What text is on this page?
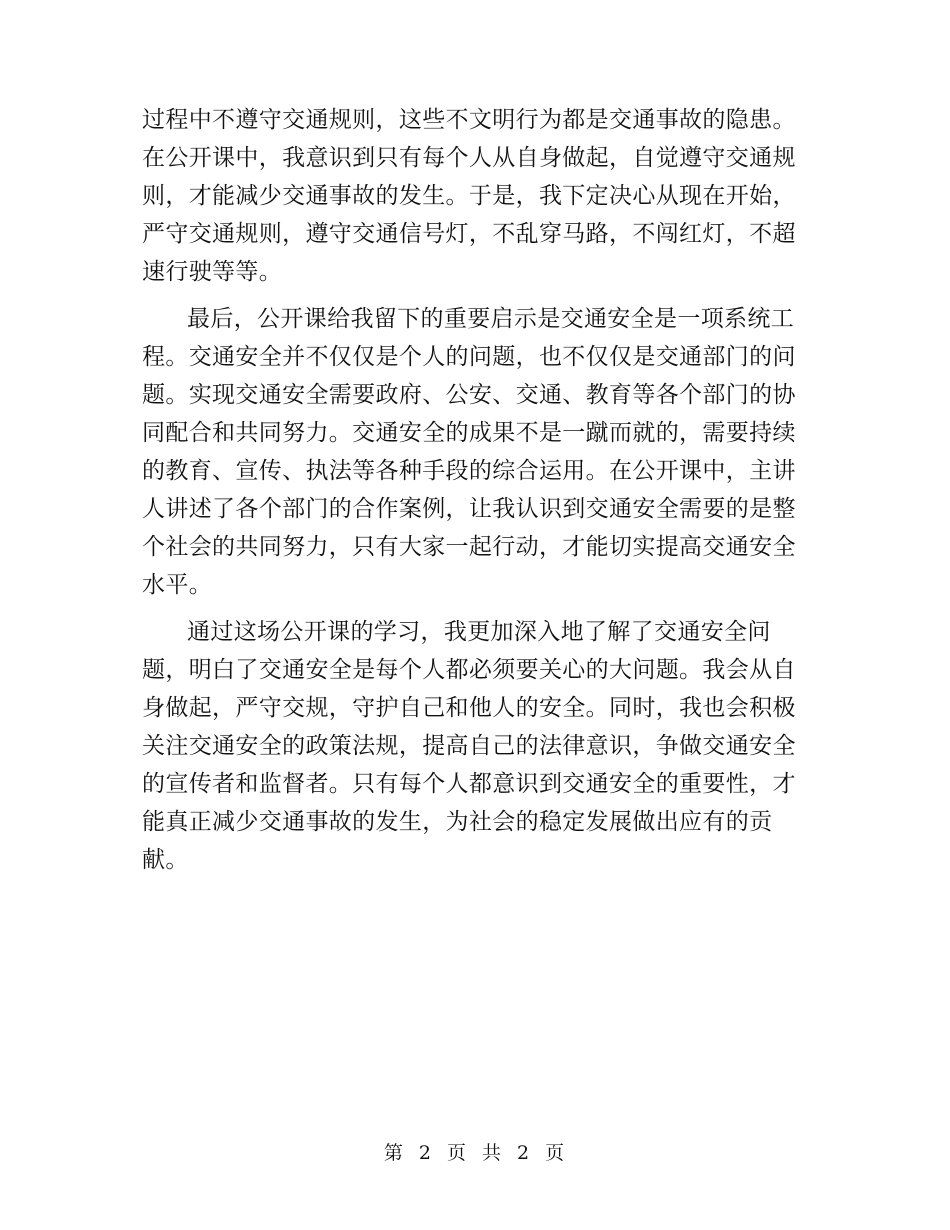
过程中不遵守交通规则，这些不文明行为都是交通事故的隐患。
在公开课中，我意识到只有每个人从自身做起，自觉遵守交通规
则，才能减少交通事故的发生。于是，我下定决心从现在开始，
严守交通规则，遵守交通信号灯，不乱穿马路，不闯红灯，不超
速行驶等等。
最后，公开课给我留下的重要启示是交通安全是一项系统工
程。交通安全并不仅仅是个人的问题，也不仅仅是交通部门的问
题。实现交通安全需要政府、公安、交通、教育等各个部门的协
同配合和共同努力。交通安全的成果不是一蹴而就的，需要持续
的教育、宣传、执法等各种手段的综合运用。在公开课中，主讲
人讲述了各个部门的合作案例，让我认识到交通安全需要的是整
个社会的共同努力，只有大家一起行动，才能切实提高交通安全
水平。
通过这场公开课的学习，我更加深入地了解了交通安全问
题，明白了交通安全是每个人都必须要关心的大问题。我会从自
身做起，严守交规，守护自己和他人的安全。同时，我也会积极
关注交通安全的政策法规，提高自己的法律意识，争做交通安全
的宣传者和监督者。只有每个人都意识到交通安全的重要性，才
能真正减少交通事故的发生，为社会的稳定发展做出应有的贡
献。
第 2 页 共 2 页
